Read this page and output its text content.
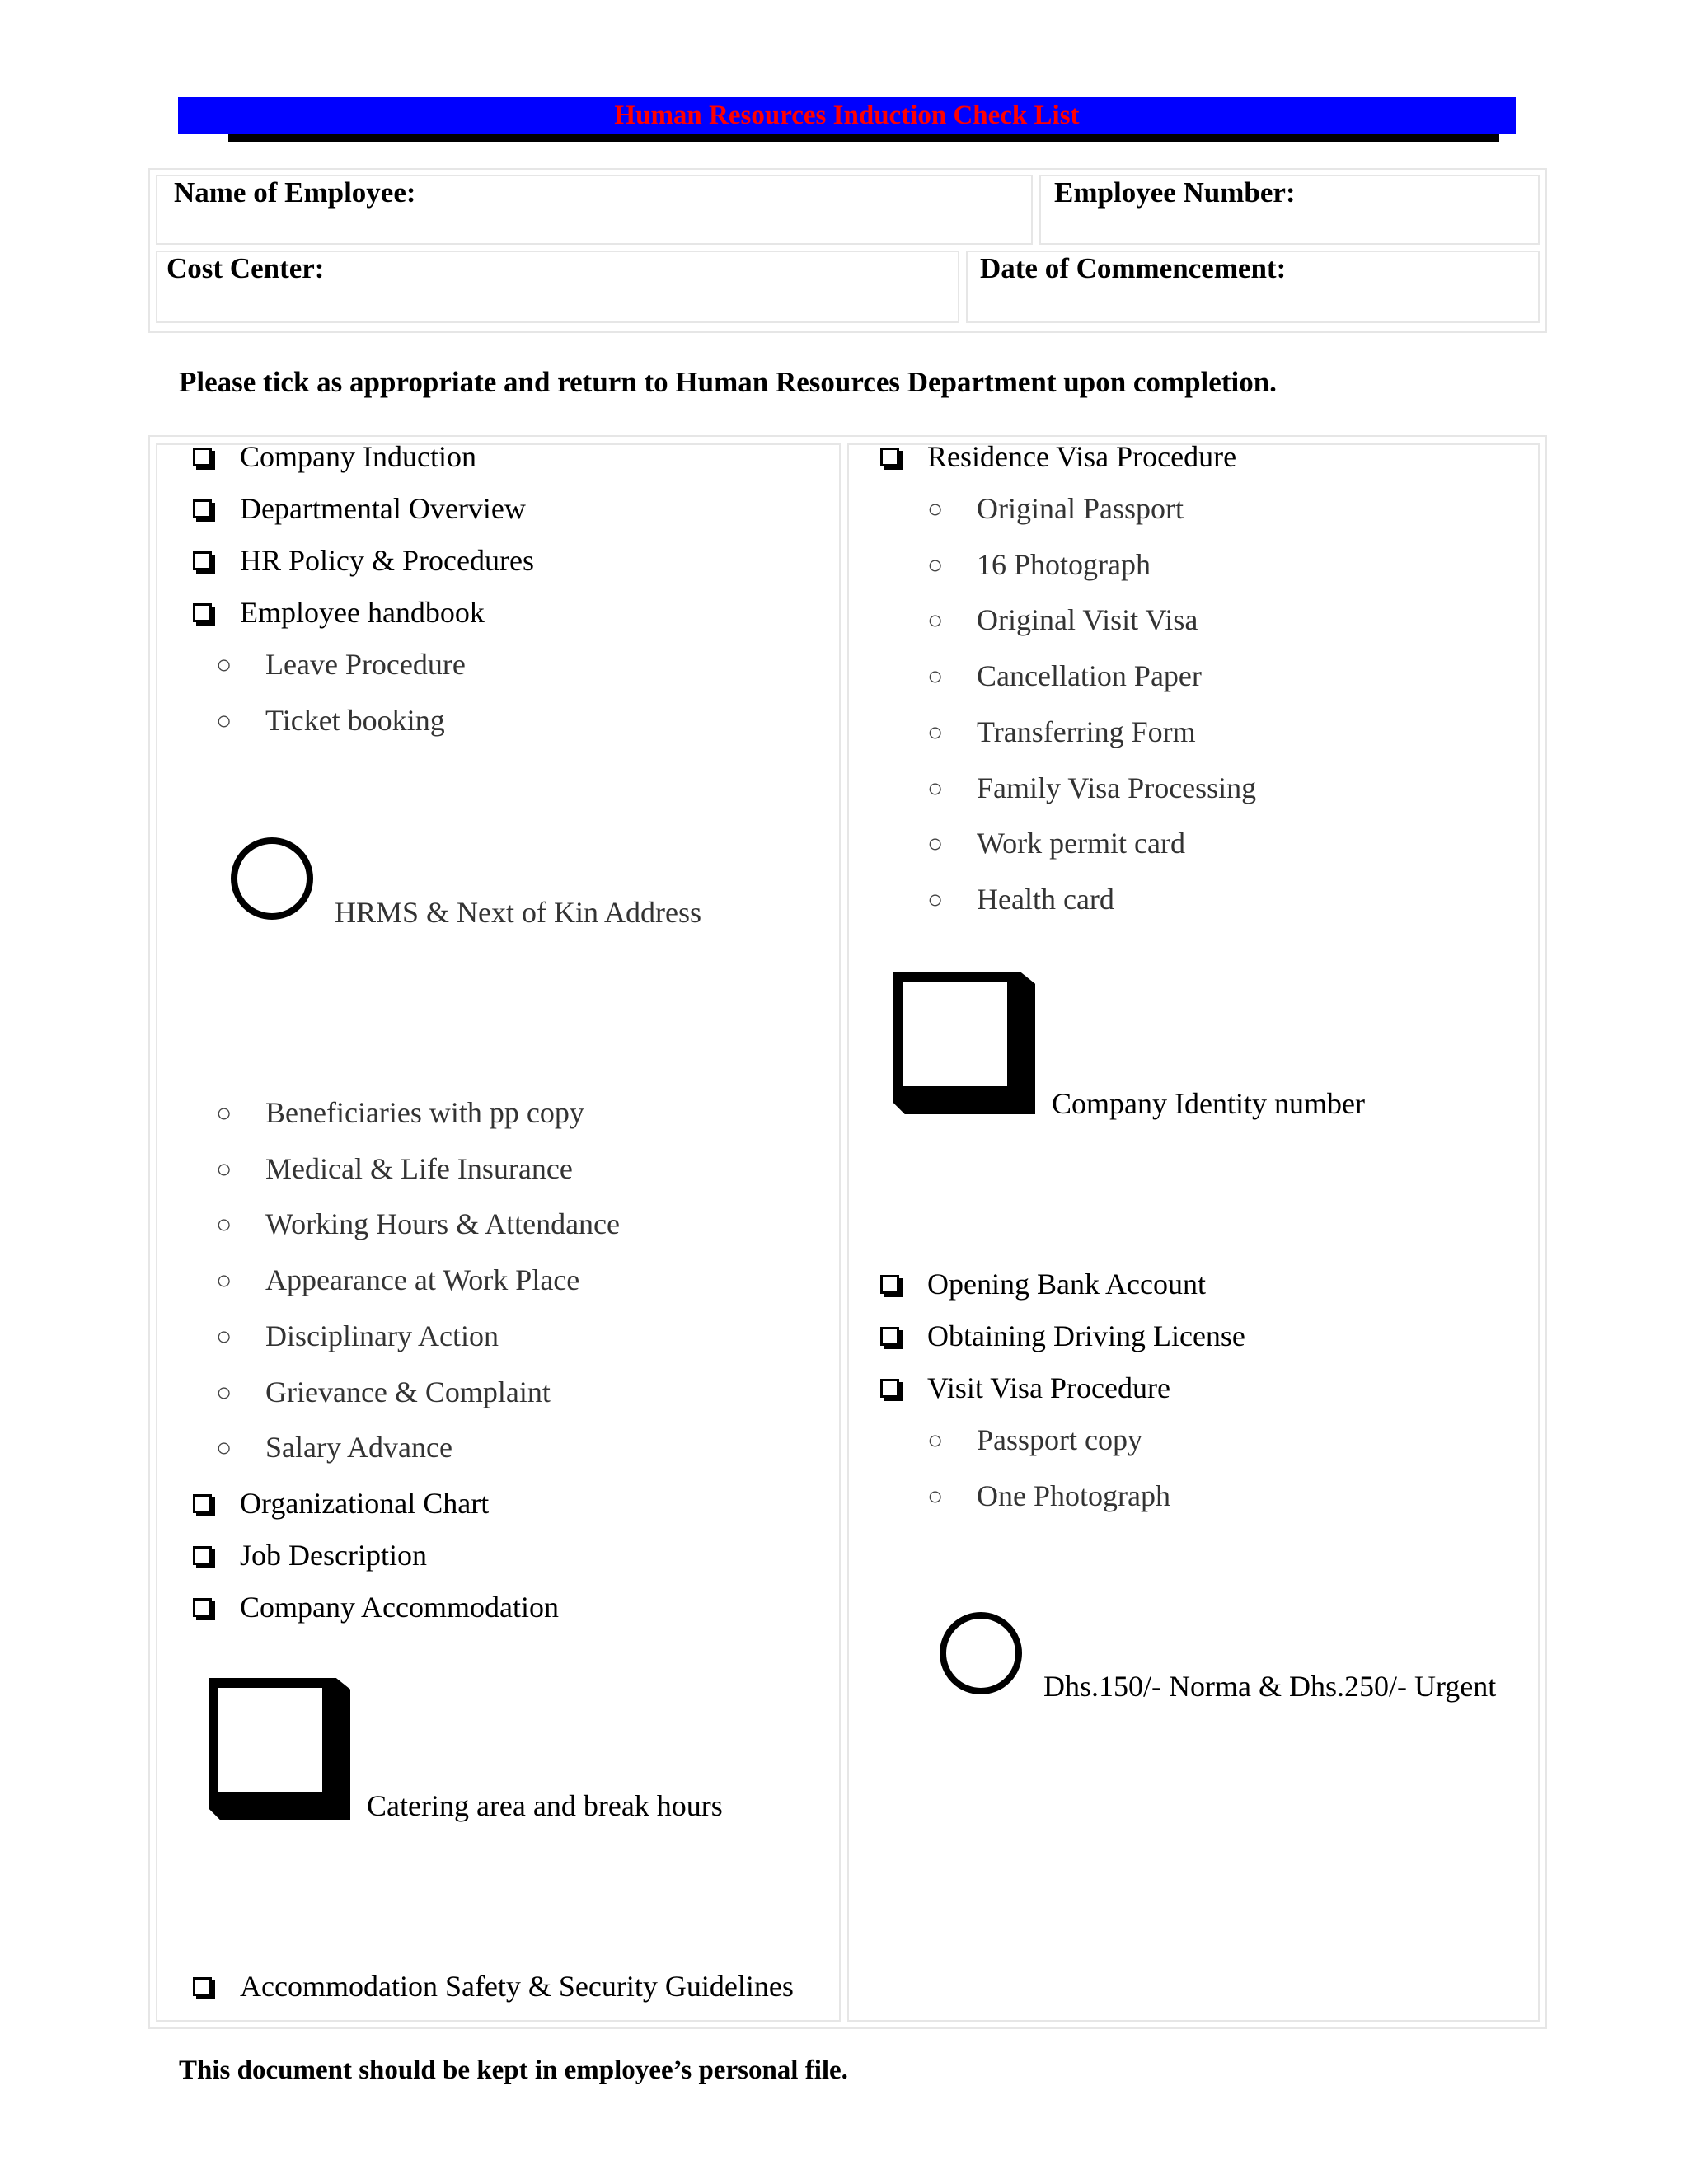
Human Resources Induction Check List
Name of Employee:	Employee Number:
Cost Center:	Date of Commencement:
Please tick as appropriate and return to Human Resources Department upon completion.
Company Induction
Departmental Overview
HR Policy & Procedures
Employee handbook
○	Leave Procedure
○	Ticket booking
HRMS & Next of Kin Address
○	Beneficiaries with pp copy
○	Medical & Life Insurance
○	Working Hours & Attendance
○	Appearance at Work Place
○	Disciplinary Action
○	Grievance & Complaint
○	Salary Advance
Organizational Chart
Job Description
Company Accommodation
Catering area and break hours
Accommodation Safety & Security Guidelines
Residence Visa Procedure
○	Original Passport
○	16 Photograph
○	Original Visit Visa
○	Cancellation Paper
○	Transferring Form
○	Family Visa Processing
○	Work permit card
○	Health card
Company Identity number
Opening Bank Account
Obtaining Driving License
Visit Visa Procedure
○	Passport copy
○	One Photograph
Dhs.150/- Norma & Dhs.250/- Urgent
This document should be kept in employee’s personal file.
